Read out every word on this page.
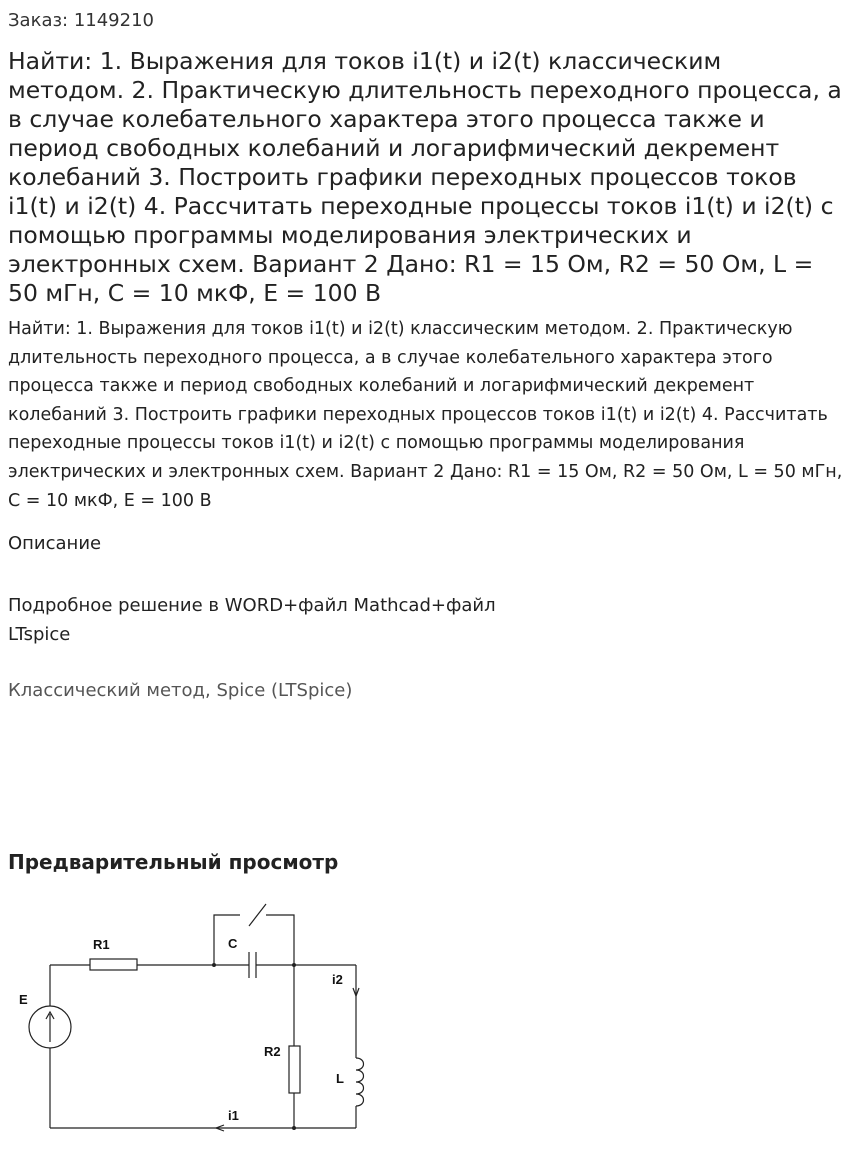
Заказ: 1149210
Найти: 1. Выражения для токов i1(t) и i2(t) классическим методом. 2. Практическую длительность переходного процесса, а в случае колебательного характера этого процесса также и период свободных колебаний и логарифмический декремент колебаний 3. Построить графики переходных процессов токов i1(t) и i2(t) 4. Рассчитать переходные процессы токов i1(t) и i2(t) с помощью программы моделирования электрических и электронных схем. Вариант 2 Дано: R1 = 15 Ом, R2 = 50 Ом, L = 50 мГн, C = 10 мкФ, E = 100 В

Найти: 1. Выражения для токов i1(t) и i2(t) классическим методом. 2. Практическую длительность переходного процесса, а в случае колебательного характера этого процесса также и период свободных колебаний и логарифмический декремент колебаний 3. Построить графики переходных процессов токов i1(t) и i2(t) 4. Рассчитать переходные процессы токов i1(t) и i2(t) с помощью программы моделирования электрических и электронных схем. Вариант 2 Дано: R1 = 15 Ом, R2 = 50 Ом, L = 50 мГн, C = 10 мкФ, E = 100 В

Описание

Подробное решение в WORD+файл Mathcad+файл LTspice

Классический метод, Spice (LTSpice)
Предварительный просмотр
R1	C
E
i2
R2
L
i1
